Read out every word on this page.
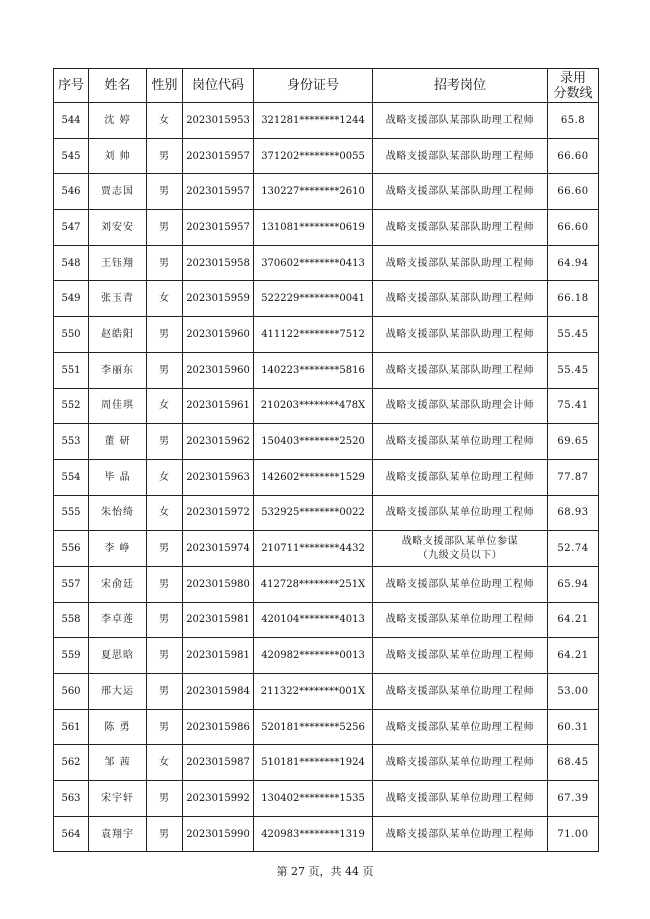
序号	姓名	性别	岗位代码	身份证号	招考岗位	录用
分数线

544	沈 婷	女	2023015953	321281********1244	战略支援部队某部队助理工程师	65.8
545	刘 帅	男	2023015957	371202********0055	战略支援部队某部队助理工程师	66.60
546	贾志国	男	2023015957	130227********2610	战略支援部队某部队助理工程师	66.60
547	刘安安	男	2023015957	131081********0619	战略支援部队某部队助理工程师	66.60
548	王钰翔	男	2023015958	370602********0413	战略支援部队某部队助理工程师	64.94
549	张玉青	女	2023015959	522229********0041	战略支援部队某部队助理工程师	66.18
550	赵皓阳	男	2023015960	411122********7512	战略支援部队某部队助理工程师	55.45
551	李丽东	男	2023015960	140223********5816	战略支援部队某部队助理工程师	55.45
552	周佳琪	女	2023015961	210203********478X	战略支援部队某部队助理会计师	75.41
553	董 研	男	2023015962	150403********2520	战略支援部队某单位助理工程师	69.65
554	毕 晶	女	2023015963	142602********1529	战略支援部队某单位助理工程师	77.87
555	朱怡绮	女	2023015972	532925********0022	战略支援部队某单位助理工程师	68.93
556	李 峥	男	2023015974	210711********4432	战略支援部队某单位参谋
（九级文员以下）	52.74
557	宋俞廷	男	2023015980	412728********251X	战略支援部队某单位助理工程师	65.94
558	李卓莲	男	2023015981	420104********4013	战略支援部队某单位助理工程师	64.21
559	夏思晗	男	2023015981	420982********0013	战略支援部队某单位助理工程师	64.21
560	邢大运	男	2023015984	211322********001X	战略支援部队某单位助理工程师	53.00
561	陈 勇	男	2023015986	520181********5256	战略支援部队某单位助理工程师	60.31
562	邹 茜	女	2023015987	510181********1924	战略支援部队某单位助理工程师	68.45
563	宋宇轩	男	2023015992	130402********1535	战略支援部队某单位助理工程师	67.39
564	袁翔宇	男	2023015990	420983********1319	战略支援部队某单位助理工程师	71.00
第 27 页，共 44 页
